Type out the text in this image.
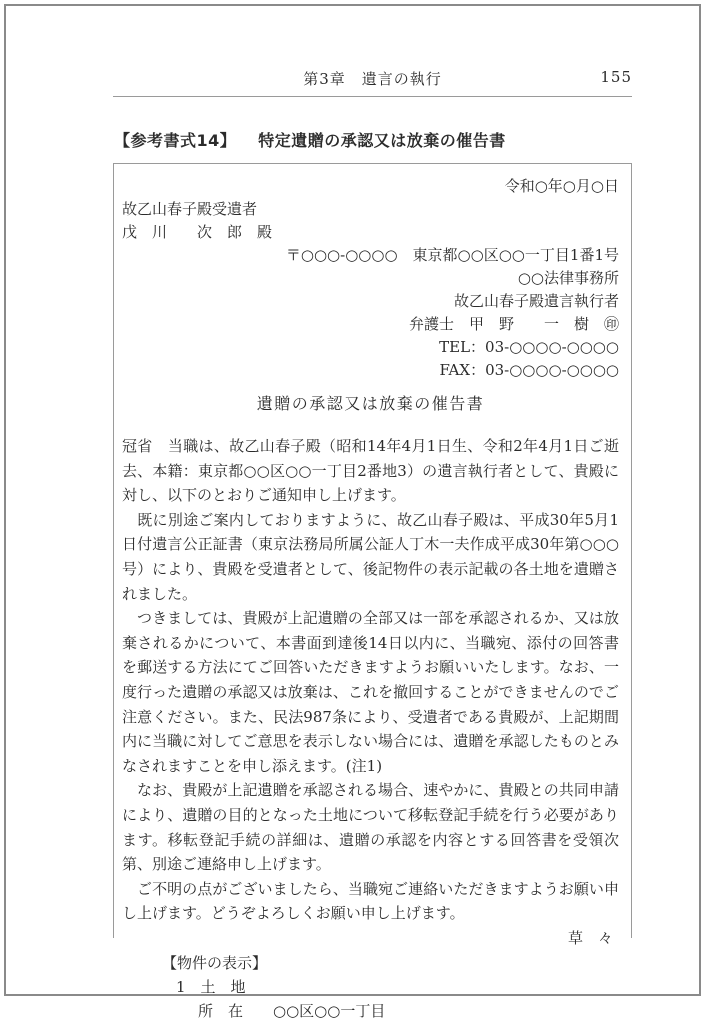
第3章　遺言の執行	155
【参考書式14】 特定遺贈の承認又は放棄の催告書
令和○年○月○日
故乙山春子殿受遺者
戊　川　　次　郎　殿
〒○○○-○○○○　東京都○○区○○一丁目1番1号
○○法律事務所
故乙山春子殿遺言執行者
弁護士　甲　野　　一　樹　㊞
TEL：03-○○○○-○○○○
FAX：03-○○○○-○○○○
遺贈の承認又は放棄の催告書

冠省　当職は、故乙山春子殿（昭和14年4月1日生、令和2年4月1日ご逝去、本籍：東京都○○区○○一丁目2番地3）の遺言執行者として、貴殿に対し、以下のとおりご通知申し上げます。

　既に別途ご案内しておりますように、故乙山春子殿は、平成30年5月1日付遺言公正証書（東京法務局所属公証人丁木一夫作成平成30年第○○○号）により、貴殿を受遺者として、後記物件の表示記載の各土地を遺贈されました。

　つきましては、貴殿が上記遺贈の全部又は一部を承認されるか、又は放棄されるかについて、本書面到達後14日以内に、当職宛、添付の回答書を郵送する方法にてご回答いただきますようお願いいたします。なお、一度行った遺贈の承認又は放棄は、これを撤回することができませんのでご注意ください。また、民法987条により、受遺者である貴殿が、上記期間内に当職に対してご意思を表示しない場合には、遺贈を承認したものとみなされますことを申し添えます。(注1)

　なお、貴殿が上記遺贈を承認される場合、速やかに、貴殿との共同申請により、遺贈の目的となった土地について移転登記手続を行う必要があります。移転登記手続の詳細は、遺贈の承認を内容とする回答書を受領次第、別途ご連絡申し上げます。

　ご不明の点がございましたら、当職宛ご連絡いただきますようお願い申し上げます。どうぞよろしくお願い申し上げます。

草　々
【物件の表示】
1　土　地
所　在　　○○区○○一丁目
